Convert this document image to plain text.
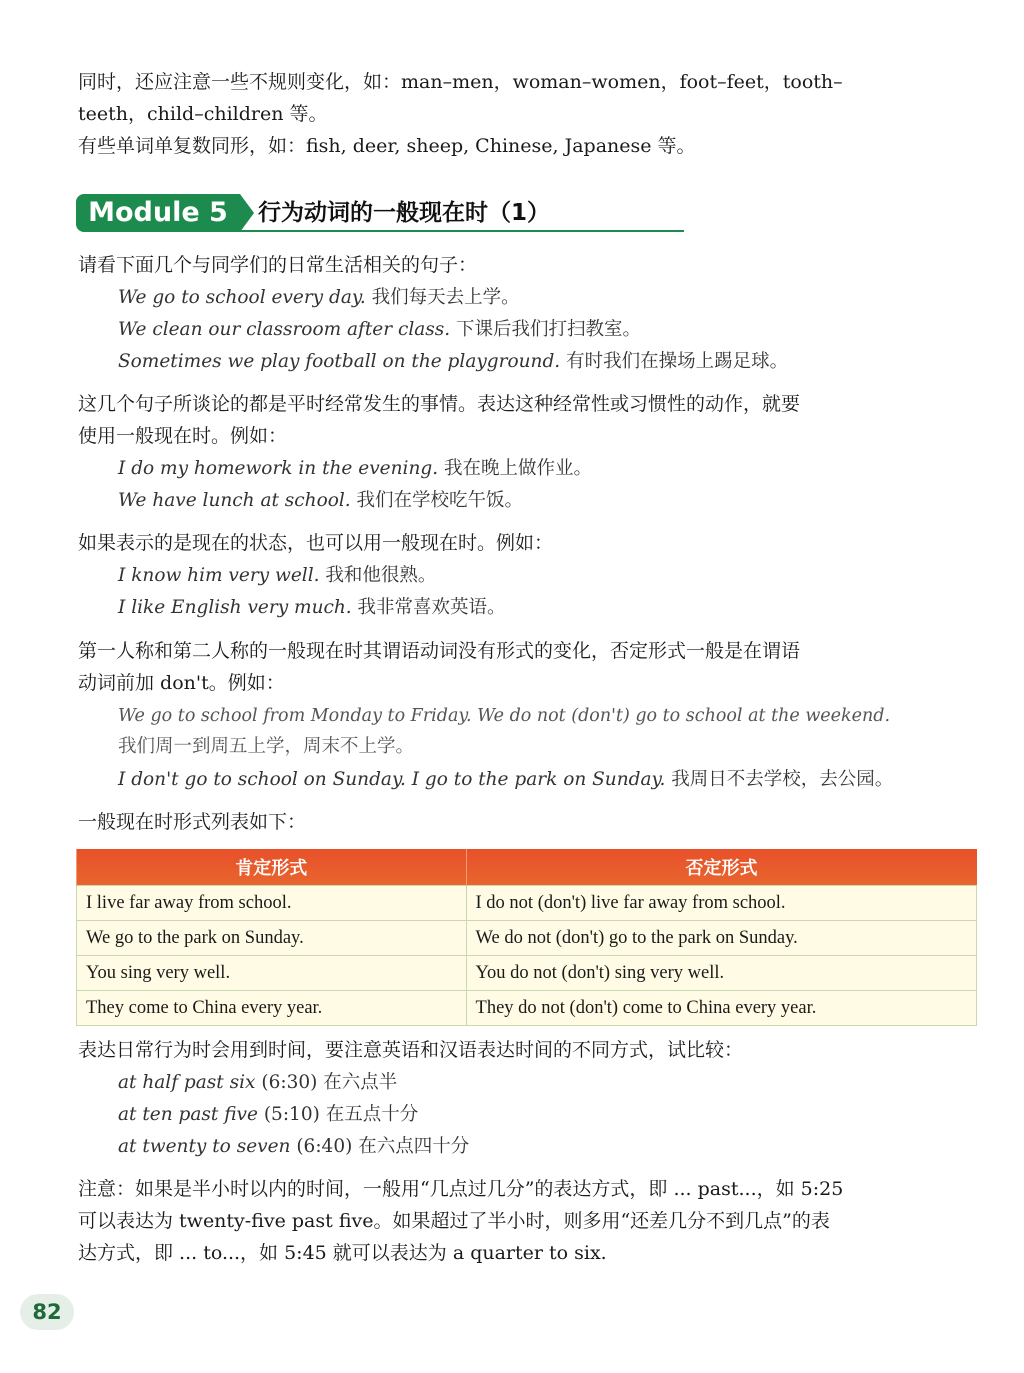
同时，还应注意一些不规则变化，如：man–men，woman–women，foot–feet，tooth–
teeth，child–children 等。
有些单词单复数同形，如：fish, deer, sheep, Chinese, Japanese 等。
Module 5	行为动词的一般现在时（1）
请看下面几个与同学们的日常生活相关的句子：
We go to school every day. 我们每天去上学。
We clean our classroom after class. 下课后我们打扫教室。
Sometimes we play football on the playground. 有时我们在操场上踢足球。
这几个句子所谈论的都是平时经常发生的事情。表达这种经常性或习惯性的动作，就要
使用一般现在时。例如：
I do my homework in the evening. 我在晚上做作业。
We have lunch at school. 我们在学校吃午饭。
如果表示的是现在的状态，也可以用一般现在时。例如：
I know him very well. 我和他很熟。
I like English very much. 我非常喜欢英语。
第一人称和第二人称的一般现在时其谓语动词没有形式的变化，否定形式一般是在谓语
动词前加 don't。例如：
We go to school from Monday to Friday. We do not (don't) go to school at the weekend.
我们周一到周五上学，周末不上学。
I don't go to school on Sunday. I go to the park on Sunday. 我周日不去学校，去公园。
一般现在时形式列表如下：
肯定形式	否定形式
I live far away from school.	I do not (don't) live far away from school.
We go to the park on Sunday.	We do not (don't) go to the park on Sunday.
You sing very well.	You do not (don't) sing very well.
They come to China every year.	They do not (don't) come to China every year.
表达日常行为时会用到时间，要注意英语和汉语表达时间的不同方式，试比较：
at half past six (6:30) 在六点半
at ten past five (5:10) 在五点十分
at twenty to seven (6:40) 在六点四十分
注意：如果是半小时以内的时间，一般用“几点过几分”的表达方式，即 ... past...，如 5:25
可以表达为 twenty-five past five。如果超过了半小时，则多用“还差几分不到几点”的表
达方式，即 ... to...，如 5:45 就可以表达为 a quarter to six.
82
